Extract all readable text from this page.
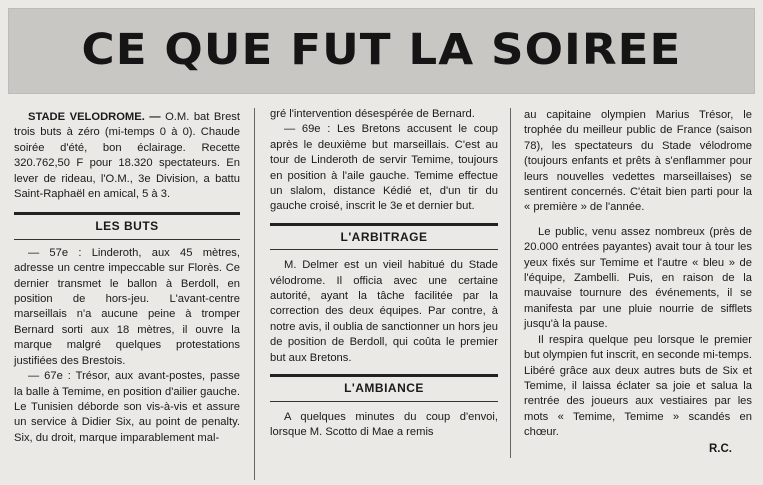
CE QUE FUT LA SOIREE

STADE VELODROME. — O.M. bat Brest trois buts à zéro (mi-temps 0 à 0). Chaude soirée d'été, bon éclairage. Recette 320.762,50 F pour 18.320 spectateurs. En lever de rideau, l'O.M., 3e Division, a battu Saint-Raphaël en amical, 5 à 3.

LES BUTS

— 57e : Linderoth, aux 45 mètres, adresse un centre impeccable sur Florès. Ce dernier transmet le ballon à Berdoll, en position de hors-jeu. L'avant-centre marseillais n'a aucune peine à tromper Bernard sorti aux 18 mètres, il ouvre la marque malgré quelques protestations justifiées des Brestois.

— 67e : Trésor, aux avant-postes, passe la balle à Temime, en position d'ailier gauche. Le Tunisien déborde son vis-à-vis et assure un service à Didier Six, au point de penalty. Six, du droit, marque imparablement mal-

gré l'intervention désespérée de Bernard.

— 69e : Les Bretons accusent le coup après le deuxième but marseillais. C'est au tour de Linderoth de servir Temime, toujours en position à l'aile gauche. Temime effectue un slalom, distance Kédié et, d'un tir du gauche croisé, inscrit le 3e et dernier but.

L'ARBITRAGE

M. Delmer est un vieil habitué du Stade vélodrome. Il officia avec une certaine autorité, ayant la tâche facilitée par la correction des deux équipes. Par contre, à notre avis, il oublia de sanctionner un hors jeu de position de Berdoll, qui coûta le premier but aux Bretons.

L'AMBIANCE

A quelques minutes du coup d'envoi, lorsque M. Scotto di Mae a remis

au capitaine olympien Marius Trésor, le trophée du meilleur public de France (saison 78), les spectateurs du Stade vélodrome (toujours enfants et prêts à s'enflammer pour leurs nouvelles vedettes marseillaises) se sentirent concernés. C'était bien parti pour la « première » de l'année.

Le public, venu assez nombreux (près de 20.000 entrées payantes) avait tour à tour les yeux fixés sur Temime et l'autre « bleu » de l'équipe, Zambelli. Puis, en raison de la mauvaise tournure des événements, il se manifesta par une pluie nourrie de sifflets jusqu'à la pause.

Il respira quelque peu lorsque le premier but olympien fut inscrit, en seconde mi-temps. Libéré grâce aux deux autres buts de Six et Temime, il laissa éclater sa joie et salua la rentrée des joueurs aux vestiaires par les mots « Temime, Temime » scandés en chœur.

R.C.
